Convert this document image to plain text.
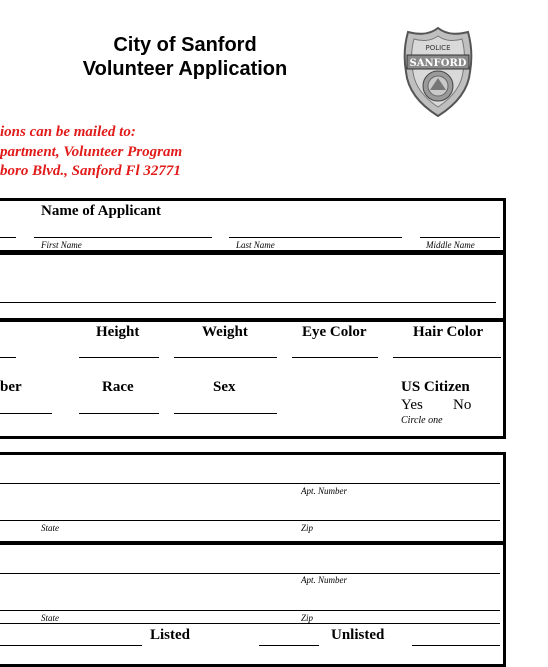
City of Sanford
Volunteer Application
POLICE
SANFORD
ions can be mailed to:
partment, Volunteer Program
boro Blvd., Sanford Fl 32771
Name of Applicant
First Name	Last Name	Middle Name
Height	Weight	Eye Color	Hair Color
ber	Race	Sex	US Citizen
Yes No
Circle one
Apt. Number
State	Zip
Apt. Number
State	Zip
Listed	Unlisted
